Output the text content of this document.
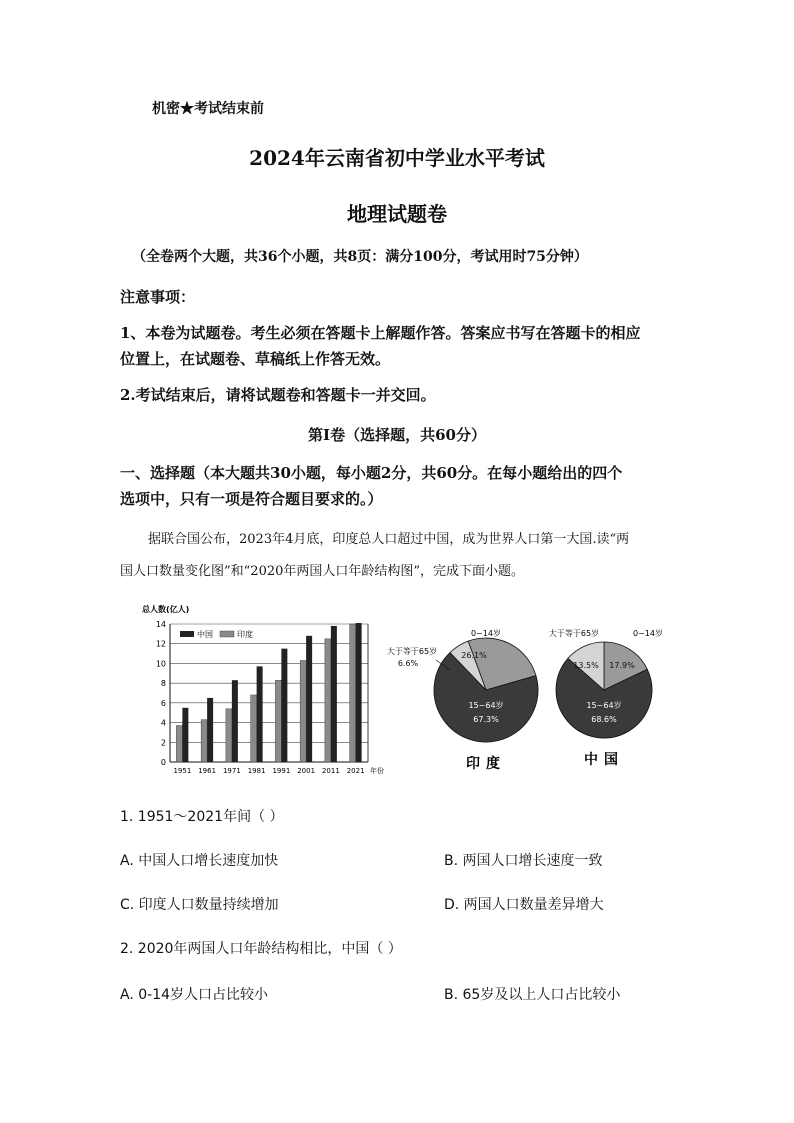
机密★考试结束前
2024年云南省初中学业水平考试
地理试题卷
（全卷两个大题，共36个小题，共8页：满分100分，考试用时75分钟）
注意事项：
1、本卷为试题卷。考生必须在答题卡上解题作答。答案应书写在答题卡的相应
位置上，在试题卷、草稿纸上作答无效。
2.考试结束后，请将试题卷和答题卡一并交回。
第Ⅰ卷（选择题，共60分）
一、选择题（本大题共30小题，每小题2分，共60分。在每小题给出的四个
选项中，只有一项是符合题目要求的。）
据联合国公布，2023年4月底，印度总人口超过中国，成为世界人口第一大国.读“两
国人口数量变化图”和“2020年两国人口年龄结构图”，完成下面小题。
总人数(亿人)
0
2
4
6
8
10
12
14
1951 1961 1971 1981 1991 2001 2011 2021 年份
中国	印度
26.1%
15~64岁
67.3%
0~14岁
大于等于65岁
6.6%
印度
17.9%
15~64岁
68.6%
0~14岁
大于等于65岁
13.5%
中国
1. 1951～2021年间（ ）
A. 中国人口增长速度加快	B. 两国人口增长速度一致
C. 印度人口数量持续增加	D. 两国人口数量差异增大
2. 2020年两国人口年龄结构相比，中国（ ）
A. 0-14岁人口占比较小	B. 65岁及以上人口占比较小
